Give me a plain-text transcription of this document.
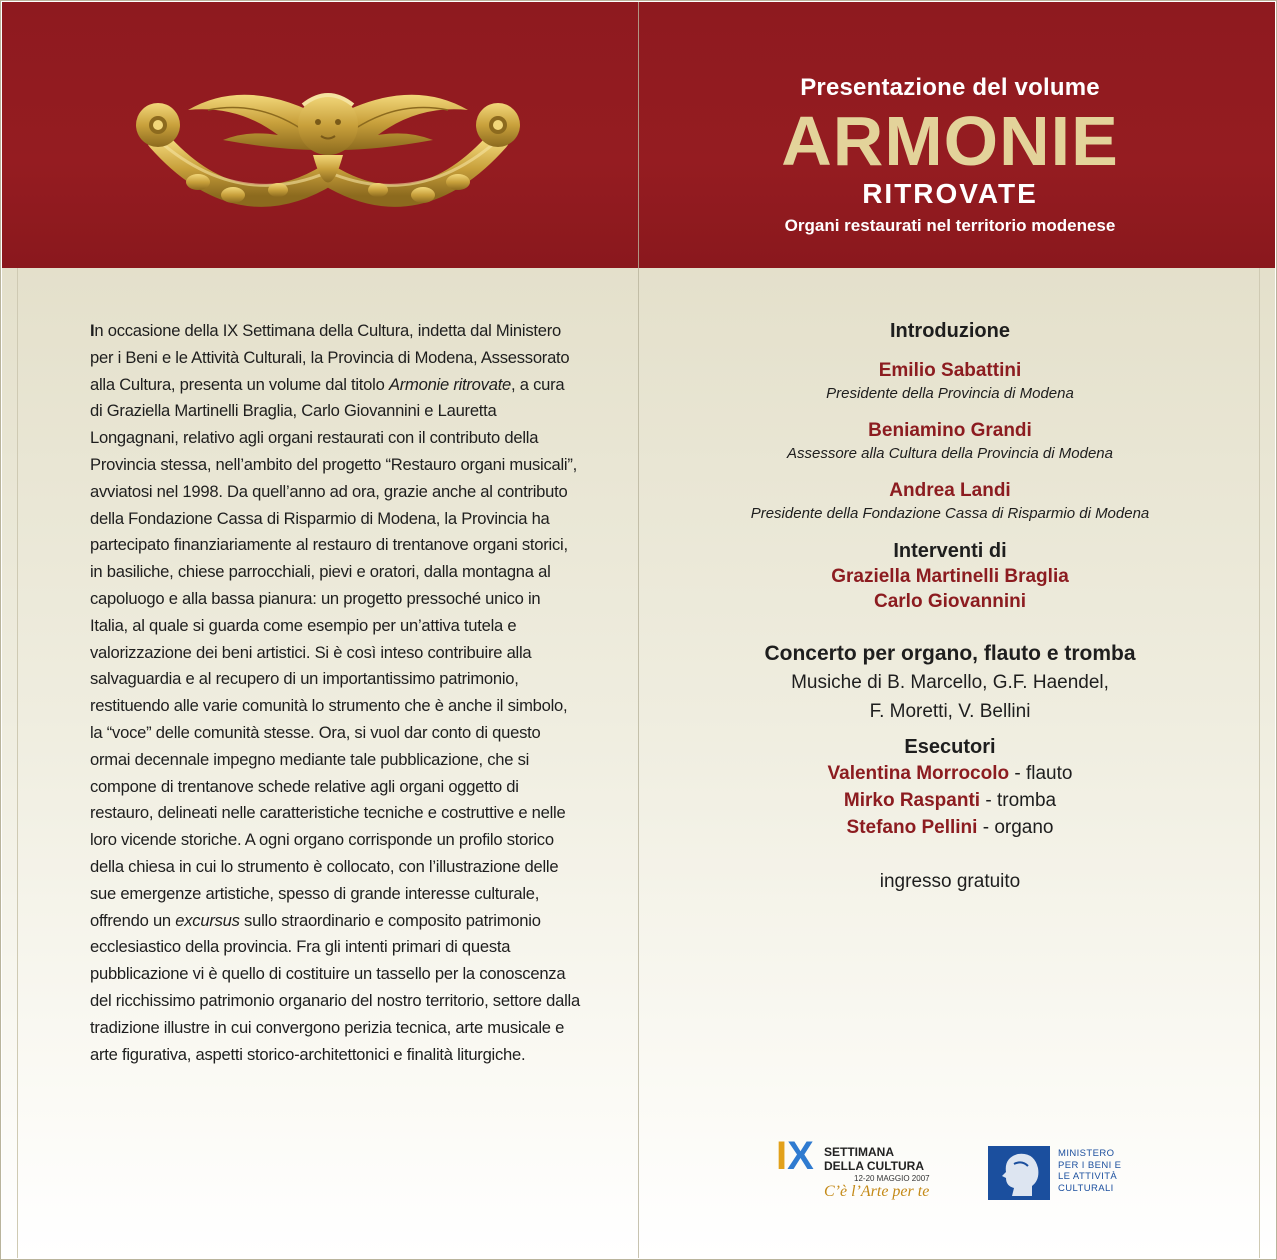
Presentazione del volume
ARMONIE
RITROVATE
Organi restaurati nel territorio modenese
In occasione della IX Settimana della Cultura, indetta dal Ministero per i Beni e le Attività Culturali, la Provincia di Modena, Assessorato alla Cultura, presenta un volume dal titolo Armonie ritrovate, a cura di Graziella Martinelli Braglia, Carlo Giovannini e Lauretta Longagnani, relativo agli organi restaurati con il contributo della Provincia stessa, nell’ambito del progetto “Restauro organi musicali”, avviatosi nel 1998. Da quell’anno ad ora, grazie anche al contributo della Fondazione Cassa di Risparmio di Modena, la Provincia ha partecipato finanziariamente al restauro di trentanove organi storici, in basiliche, chiese parrocchiali, pievi e oratori, dalla montagna al capoluogo e alla bassa pianura: un progetto pressoché unico in Italia, al quale si guarda come esempio per un’attiva tutela e valorizzazione dei beni artistici. Si è così inteso contribuire alla salvaguardia e al recupero di un importantissimo patrimonio, restituendo alle varie comunità lo strumento che è anche il simbolo, la “voce” delle comunità stesse. Ora, si vuol dar conto di questo ormai decennale impegno mediante tale pubblicazione, che si compone di trentanove schede relative agli organi oggetto di restauro, delineati nelle caratteristiche tecniche e costruttive e nelle loro vicende storiche. A ogni organo corrisponde un profilo storico della chiesa in cui lo strumento è collocato, con l’illustrazione delle sue emergenze artistiche, spesso di grande interesse culturale, offrendo un excursus sullo straordinario e composito patrimonio ecclesiastico della provincia. Fra gli intenti primari di questa pubblicazione vi è quello di costituire un tassello per la conoscenza del ricchissimo patrimonio organario del nostro territorio, settore dalla tradizione illustre in cui convergono perizia tecnica, arte musicale e arte figurativa, aspetti storico-architettonici e finalità liturgiche.
Introduzione
Emilio Sabattini
Presidente della Provincia di Modena
Beniamino Grandi
Assessore alla Cultura della Provincia di Modena
Andrea Landi
Presidente della Fondazione Cassa di Risparmio di Modena
Interventi di
Graziella Martinelli Braglia
Carlo Giovannini
Concerto per organo, flauto e tromba
Musiche di B. Marcello, G.F. Haendel,
F. Moretti, V. Bellini
Esecutori
Valentina Morrocolo - flauto
Mirko Raspanti - tromba
Stefano Pellini - organo
ingresso gratuito
IX SETTIMANA
DELLA CULTURA
12-20 MAGGIO 2007
C’è l’Arte per te
MINISTERO
PER I BENI E
LE ATTIVITÀ
CULTURALI
